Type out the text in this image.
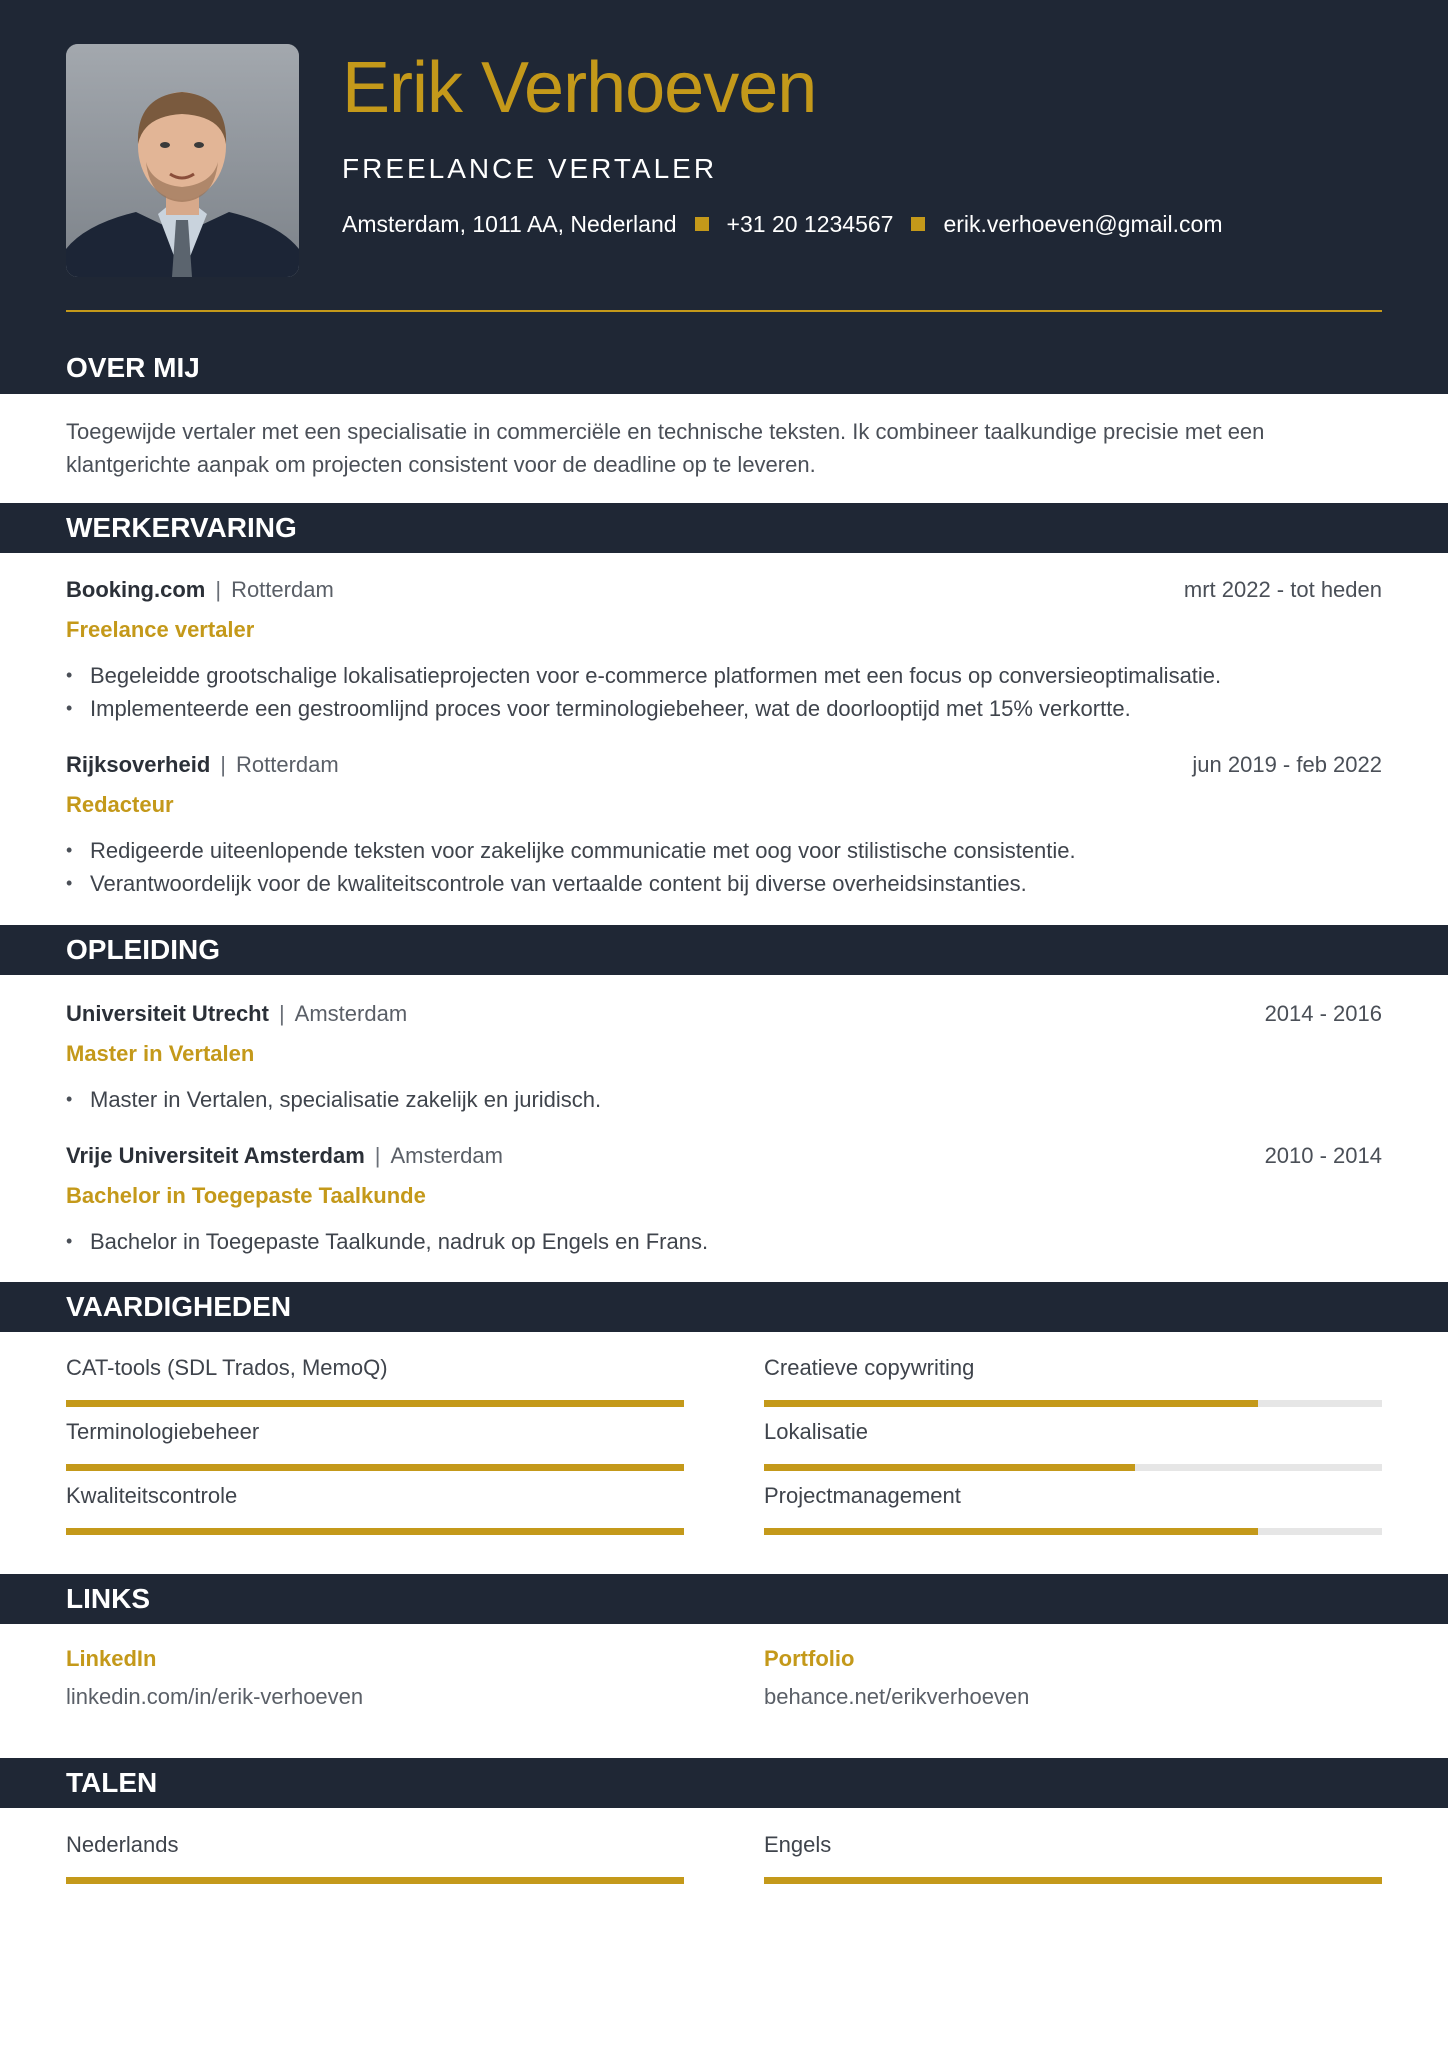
Erik Verhoeven
FREELANCE VERTALER
Amsterdam, 1011 AA, Nederland +31 20 1234567 erik.verhoeven@gmail.com
OVER MIJ

Toegewijde vertaler met een specialisatie in commerciële en technische teksten. Ik combineer taalkundige precisie met een klantgerichte aanpak om projecten consistent voor de deadline op te leveren.

WERKERVARING
Booking.com | Rotterdam	mrt 2022 - tot heden
Freelance vertaler
• Begeleidde grootschalige lokalisatieprojecten voor e-commerce platformen met een focus op conversieoptimalisatie.
• Implementeerde een gestroomlijnd proces voor terminologiebeheer, wat de doorlooptijd met 15% verkortte.
Rijksoverheid | Rotterdam	jun 2019 - feb 2022
Redacteur
• Redigeerde uiteenlopende teksten voor zakelijke communicatie met oog voor stilistische consistentie.
• Verantwoordelijk voor de kwaliteitscontrole van vertaalde content bij diverse overheidsinstanties.
OPLEIDING
Universiteit Utrecht | Amsterdam	2014 - 2016
Master in Vertalen
• Master in Vertalen, specialisatie zakelijk en juridisch.
Vrije Universiteit Amsterdam | Amsterdam	2010 - 2014
Bachelor in Toegepaste Taalkunde
• Bachelor in Toegepaste Taalkunde, nadruk op Engels en Frans.
VAARDIGHEDEN
CAT-tools (SDL Trados, MemoQ)	Creatieve copywriting
Terminologiebeheer	Lokalisatie
Kwaliteitscontrole	Projectmanagement
LINKS
LinkedIn
linkedin.com/in/erik-verhoeven
Portfolio
behance.net/erikverhoeven
TALEN
Nederlands	Engels
